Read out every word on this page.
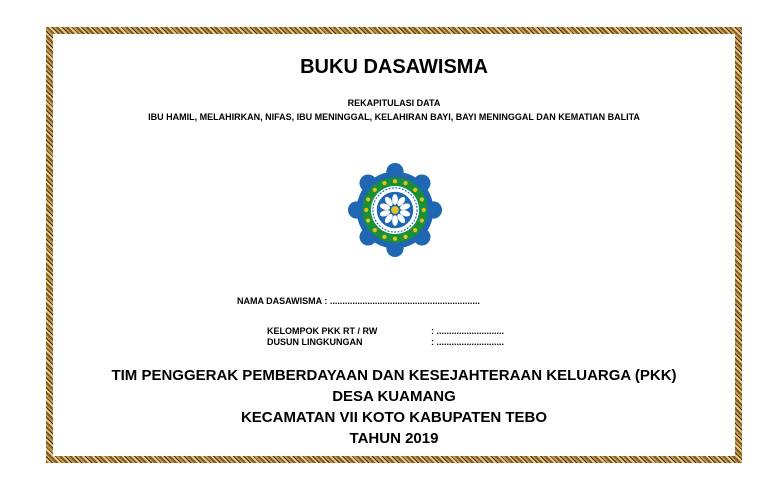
BUKU DASAWISMA
REKAPITULASI DATA
IBU HAMIL, MELAHIRKAN, NIFAS, IBU MENINGGAL, KELAHIRAN BAYI, BAYI MENINGGAL DAN KEMATIAN BALITA
NAMA DASAWISMA : ............................................................
KELOMPOK PKK RT / RW	: ...........................
DUSUN LINGKUNGAN	: ...........................
TIM PENGGERAK PEMBERDAYAAN DAN KESEJAHTERAAN KELUARGA (PKK)
DESA KUAMANG
KECAMATAN VII KOTO KABUPATEN TEBO
TAHUN 2019
